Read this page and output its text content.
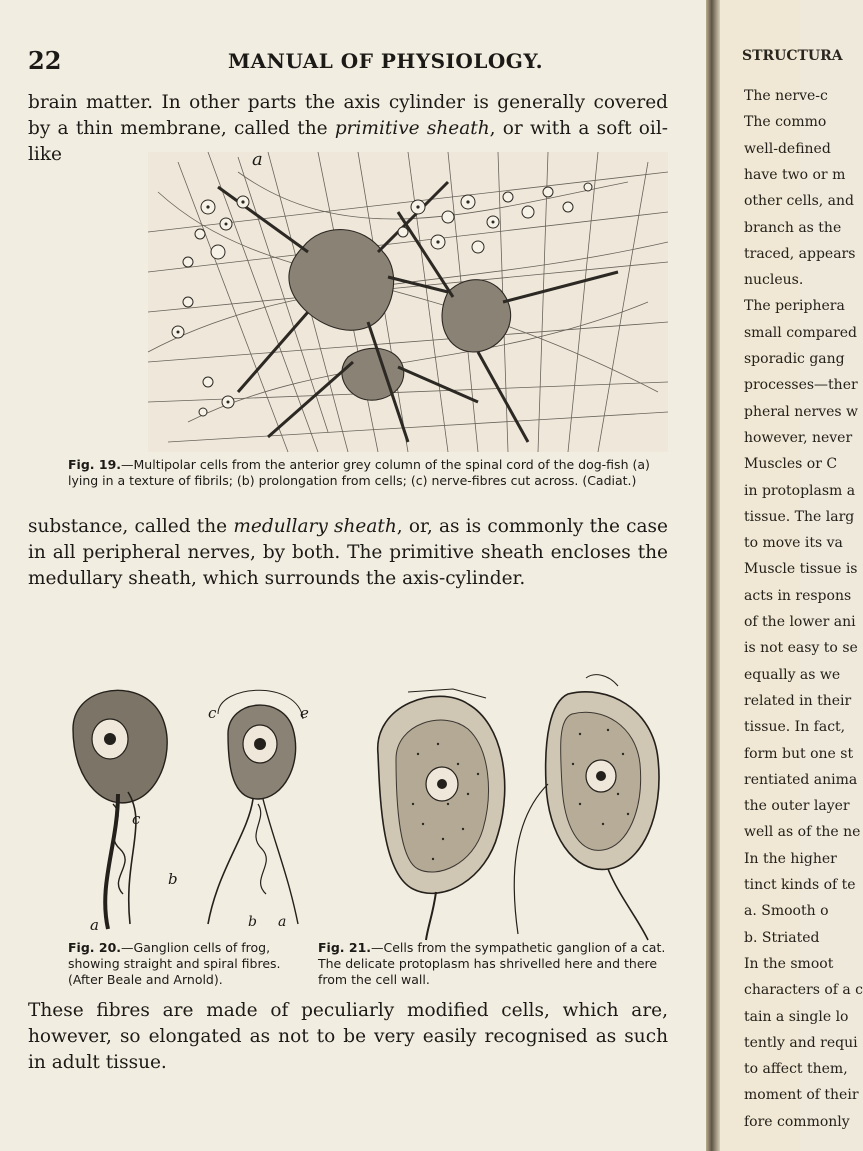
22	MANUAL OF PHYSIOLOGY.

brain matter. In other parts the axis cylinder is generally covered by a thin membrane, called the primitive sheath, or with a soft oil-like	a
Fig. 19.—Multipolar cells from the anterior grey column of the spinal cord of the dog-fish (a) lying in a texture of fibrils; (b) prolongation from cells; (c) nerve-fibres cut across. (Cadiat.)

substance, called the medullary sheath, or, as is commonly the case in all peripheral nerves, by both. The primitive sheath encloses the medullary sheath, which surrounds the axis-cylinder.

c	e
c
b
b
a	a
Fig. 20.—Ganglion cells of frog, showing straight and spiral fibres. (After Beale and Arnold).
Fig. 21.—Cells from the sympathetic ganglion of a cat. The delicate protoplasm has shrivelled here and there from the cell wall.

These fibres are made of peculiarly modified cells, which are, however, so elongated as not to be very easily recognised as such in adult tissue.

STRUCTURA
The nerve-c
The commo
well-defined
have two or m
other cells, and
branch as the
traced, appears
nucleus.
The periphera
small compared
sporadic gang
processes—ther
pheral nerves w
however, never
Muscles or C
in protoplasm a
tissue. The larg
to move its va
Muscle tissue is
acts in respons
of the lower ani
is not easy to se
equally as we
related in their
tissue. In fact,
form but one st
rentiated anima
the outer layer
well as of the ne
In the higher
tinct kinds of te
a. Smooth o
b. Striated
In the smoot
characters of a c
tain a single lo
tently and requi
to affect them,
moment of their
fore commonly
